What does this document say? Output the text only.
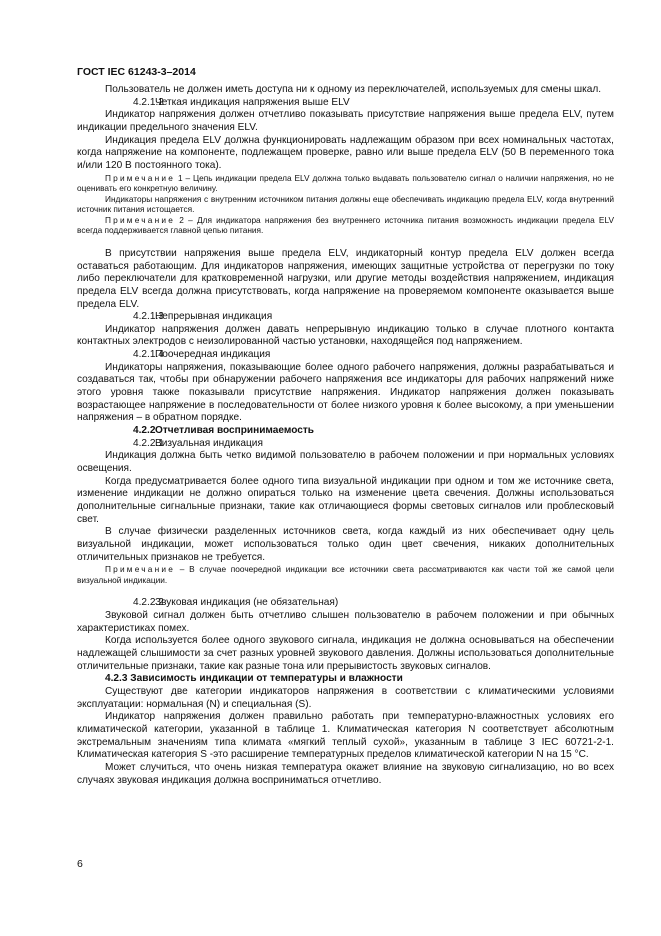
ГОСТ IEC 61243-3–2014

Пользователь не должен иметь доступа ни к одному из переключателей, используемых для смены шкал.

4.2.1.2Четкая индикация напряжения выше ELV

Индикатор напряжения должен отчетливо показывать присутствие напряжения выше предела ELV, путем индикации предельного значения ELV.

Индикация предела ELV должна функционировать надлежащим образом при всех номинальных частотах, когда напряжение на компоненте, подлежащем проверке, равно или выше предела ELV (50 В переменного тока и/или 120 В постоянного тока).

Примечание 1 – Цепь индикации предела ELV должна только выдавать пользователю сигнал о наличии напряжения, но не оценивать его конкретную величину.

Индикаторы напряжения с внутренним источником питания должны еще обеспечивать индикацию предела ELV, когда внутренний источник питания истощается.

Примечание 2 – Для индикатора напряжения без внутреннего источника питания возможность индикации предела ELV всегда поддерживается главной цепью питания.

В присутствии напряжения выше предела ELV, индикаторный контур предела ELV должен всегда оставаться работающим. Для индикаторов напряжения, имеющих защитные устройства от перегрузки по току либо переключатели для кратковременной нагрузки, или другие методы воздействия напряжением, индикация предела ELV всегда должна присутствовать, когда напряжение на проверяемом компоненте оказывается выше предела ELV.

4.2.1.3Непрерывная индикация

Индикатор напряжения должен давать непрерывную индикацию только в случае плотного контакта контактных электродов с неизолированной частью установки, находящейся под напряжением.

4.2.1.4Поочередная индикация

Индикаторы напряжения, показывающие более одного рабочего напряжения, должны разрабатываться и создаваться так, чтобы при обнаружении рабочего напряжения все индикаторы для рабочих напряжений ниже этого уровня также показывали присутствие напряжения. Индикатор напряжения должен показывать возрастающее напряжение в последовательности от более низкого уровня к более высокому, а при уменьшении напряжения – в обратном порядке.

4.2.2Отчетливая воспринимаемость

4.2.2.1Визуальная индикация

Индикация должна быть четко видимой пользователю в рабочем положении и при нормальных условиях освещения.

Когда предусматривается более одного типа визуальной индикации при одном и том же источнике света, изменение индикации не должно опираться только на изменение цвета свечения. Должны использоваться дополнительные сигнальные признаки, такие как отличающиеся формы световых сигналов или проблесковый свет.

В случае физически разделенных источников света, когда каждый из них обеспечивает одну цель визуальной индикации, может использоваться только один цвет свечения, никаких дополнительных отличительных признаков не требуется.

Примечание – В случае поочередной индикации все источники света рассматриваются как части той же самой цели визуальной индикации.

4.2.2.2Звуковая индикация (не обязательная)

Звуковой сигнал должен быть отчетливо слышен пользователю в рабочем положении и при обычных характеристиках помех.

Когда используется более одного звукового сигнала, индикация не должна основываться на обеспечении надлежащей слышимости за счет разных уровней звукового давления. Должны использоваться дополнительные отличительные признаки, такие как разные тона или прерывистость звуковых сигналов.

4.2.3 Зависимость индикации от температуры и влажности

Существуют две категории индикаторов напряжения в соответствии с климатическими условиями эксплуатации: нормальная (N) и специальная (S).

Индикатор напряжения должен правильно работать при температурно-влажностных условиях его климатической категории, указанной в таблице 1. Климатическая категория N соответствует абсолютным экстремальным значениям типа климата «мягкий теплый сухой», указанным в таблице 3 IEC 60721-2-1. Климатическая категория S -это расширение температурных пределов климатической категории N на 15 °С.

Может случиться, что очень низкая температура окажет влияние на звуковую сигнализацию, но во всех случаях звуковая индикация должна восприниматься отчетливо.

6
